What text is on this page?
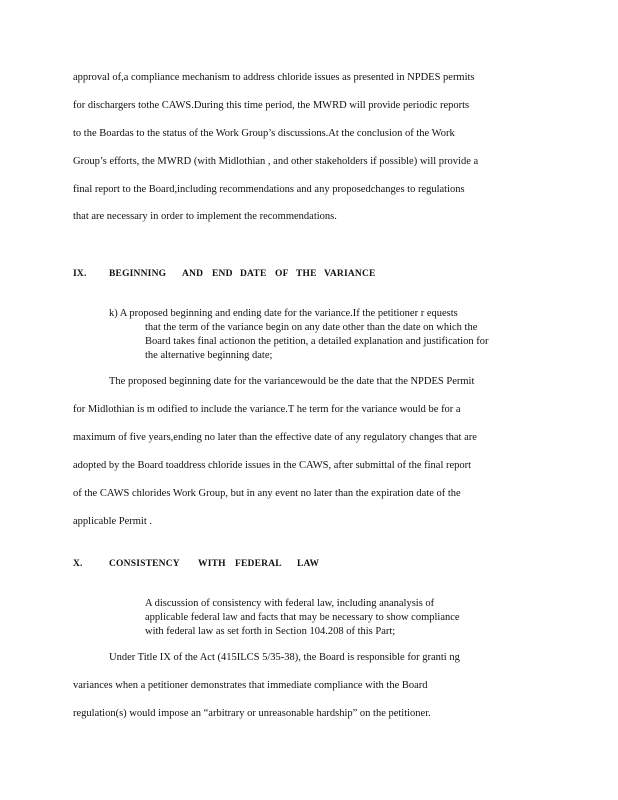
approval of,a compliance mechanism to address chloride issues as presented in NPDES permits
for dischargers tothe CAWS.During this time period, the MWRD will provide periodic reports
to the Boardas to the status of the Work Group’s discussions.At the conclusion of the Work
Group’s efforts, the MWRD (with Midlothian , and other stakeholders if possible) will provide a
final report to the Board,including recommendations and any proposedchanges to regulations
that are necessary in order to implement the recommendations.
IX. BEGINNING AND END DATE OF THE VARIANCE
k) A proposed beginning and ending date for the variance.If the petitioner r equests
that the term of the variance begin on any date other than the date on which the
Board takes final actionon the petition, a detailed explanation and justification for
the alternative beginning date;
The proposed beginning date for the variancewould be the date that the NPDES Permit
for Midlothian is m odified to include the variance.T he term for the variance would be for a
maximum of five years,ending no later than the effective date of any regulatory changes that are
adopted by the Board toaddress chloride issues in the CAWS, after submittal of the final report
of the CAWS chlorides Work Group, but in any event no later than the expiration date of the
applicable Permit .
X.	CONSISTENCY WITH FEDERAL LAW
A discussion of consistency with federal law, including ananalysis of
applicable federal law and facts that may be necessary to show compliance
with federal law as set forth in Section 104.208 of this Part;
Under Title IX of the Act (415ILCS 5/35-38), the Board is responsible for granti ng
variances when a petitioner demonstrates that immediate compliance with the Board
regulation(s) would impose an “arbitrary or unreasonable hardship” on the petitioner.
